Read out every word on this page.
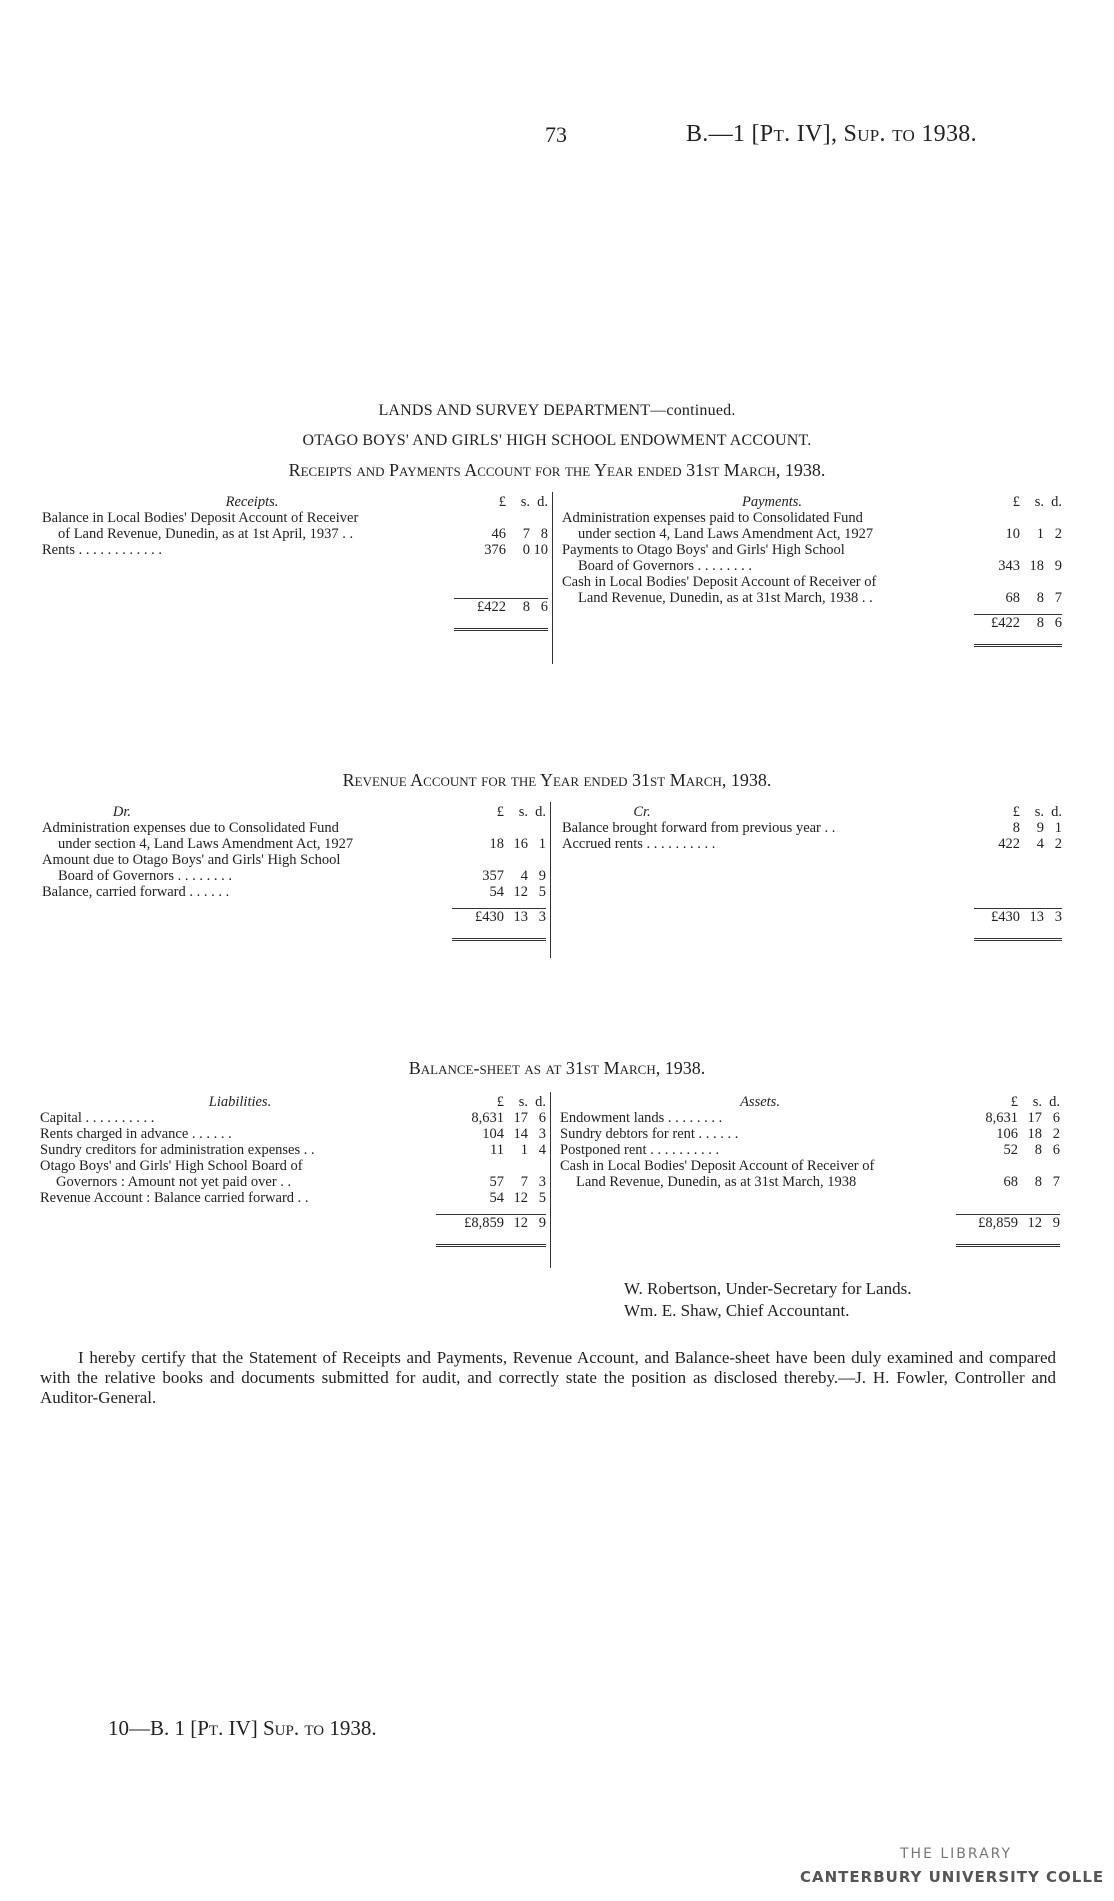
73	B.—1 [Pt. IV], Sup. to 1938.
LANDS AND SURVEY DEPARTMENT—continued.
OTAGO BOYS' AND GIRLS' HIGH SCHOOL ENDOWMENT ACCOUNT.
Receipts and Payments Account for the Year ended 31st March, 1938.
Receipts.	£	s. d.
Balance in Local Bodies' Deposit Account of Receiver
of Land Revenue, Dunedin, as at 1st April, 1937 . .	46	7 8
Rents . . . . . . . . . . . .	376	0 10
£422	8 6
Payments.	£	s. d.
Administration expenses paid to Consolidated Fund
under section 4, Land Laws Amendment Act, 1927	10	1 2
Payments to Otago Boys' and Girls' High School
Board of Governors . . . . . . . .	343 18 9
Cash in Local Bodies' Deposit Account of Receiver of
Land Revenue, Dunedin, as at 31st March, 1938 . .	68	8 7
£422	8 6
Revenue Account for the Year ended 31st March, 1938.
Dr.	£	s. d.
Administration expenses due to Consolidated Fund
under section 4, Land Laws Amendment Act, 1927	18 16 1
Amount due to Otago Boys' and Girls' High School
Board of Governors . . . . . . . .	357	4 9
Balance, carried forward . . . . . .	54 12 5
£430 13 3
Cr.	£	s. d.
Balance brought forward from previous year . .	8	9 1
Accrued rents . . . . . . . . . .	422	4 2
£430 13 3
Balance-sheet as at 31st March, 1938.
Liabilities.	£	s. d.
Capital . . . . . . . . . .	8,631 17 6
Rents charged in advance . . . . . .	104 14 3
Sundry creditors for administration expenses . .	11	1 4
Otago Boys' and Girls' High School Board of
Governors : Amount not yet paid over . .	57	7 3
Revenue Account : Balance carried forward . .	54 12 5
£8,859 12 9
Assets.	£	s. d.
Endowment lands . . . . . . . .	8,631 17 6
Sundry debtors for rent . . . . . .	106 18 2
Postponed rent . . . . . . . . . .	52	8 6
Cash in Local Bodies' Deposit Account of Receiver of
Land Revenue, Dunedin, as at 31st March, 1938	68	8 7
£8,859 12 9
W. Robertson, Under-Secretary for Lands.
Wm. E. Shaw, Chief Accountant.
I hereby certify that the Statement of Receipts and Payments, Revenue Account, and Balance-sheet have been duly examined and compared with the relative books and documents submitted for audit, and correctly state the position as disclosed thereby.—J. H. Fowler, Controller and Auditor-General.
10—B. 1 [Pt. IV] Sup. to 1938.
THE LIBRARY
CANTERBURY UNIVERSITY COLLE
